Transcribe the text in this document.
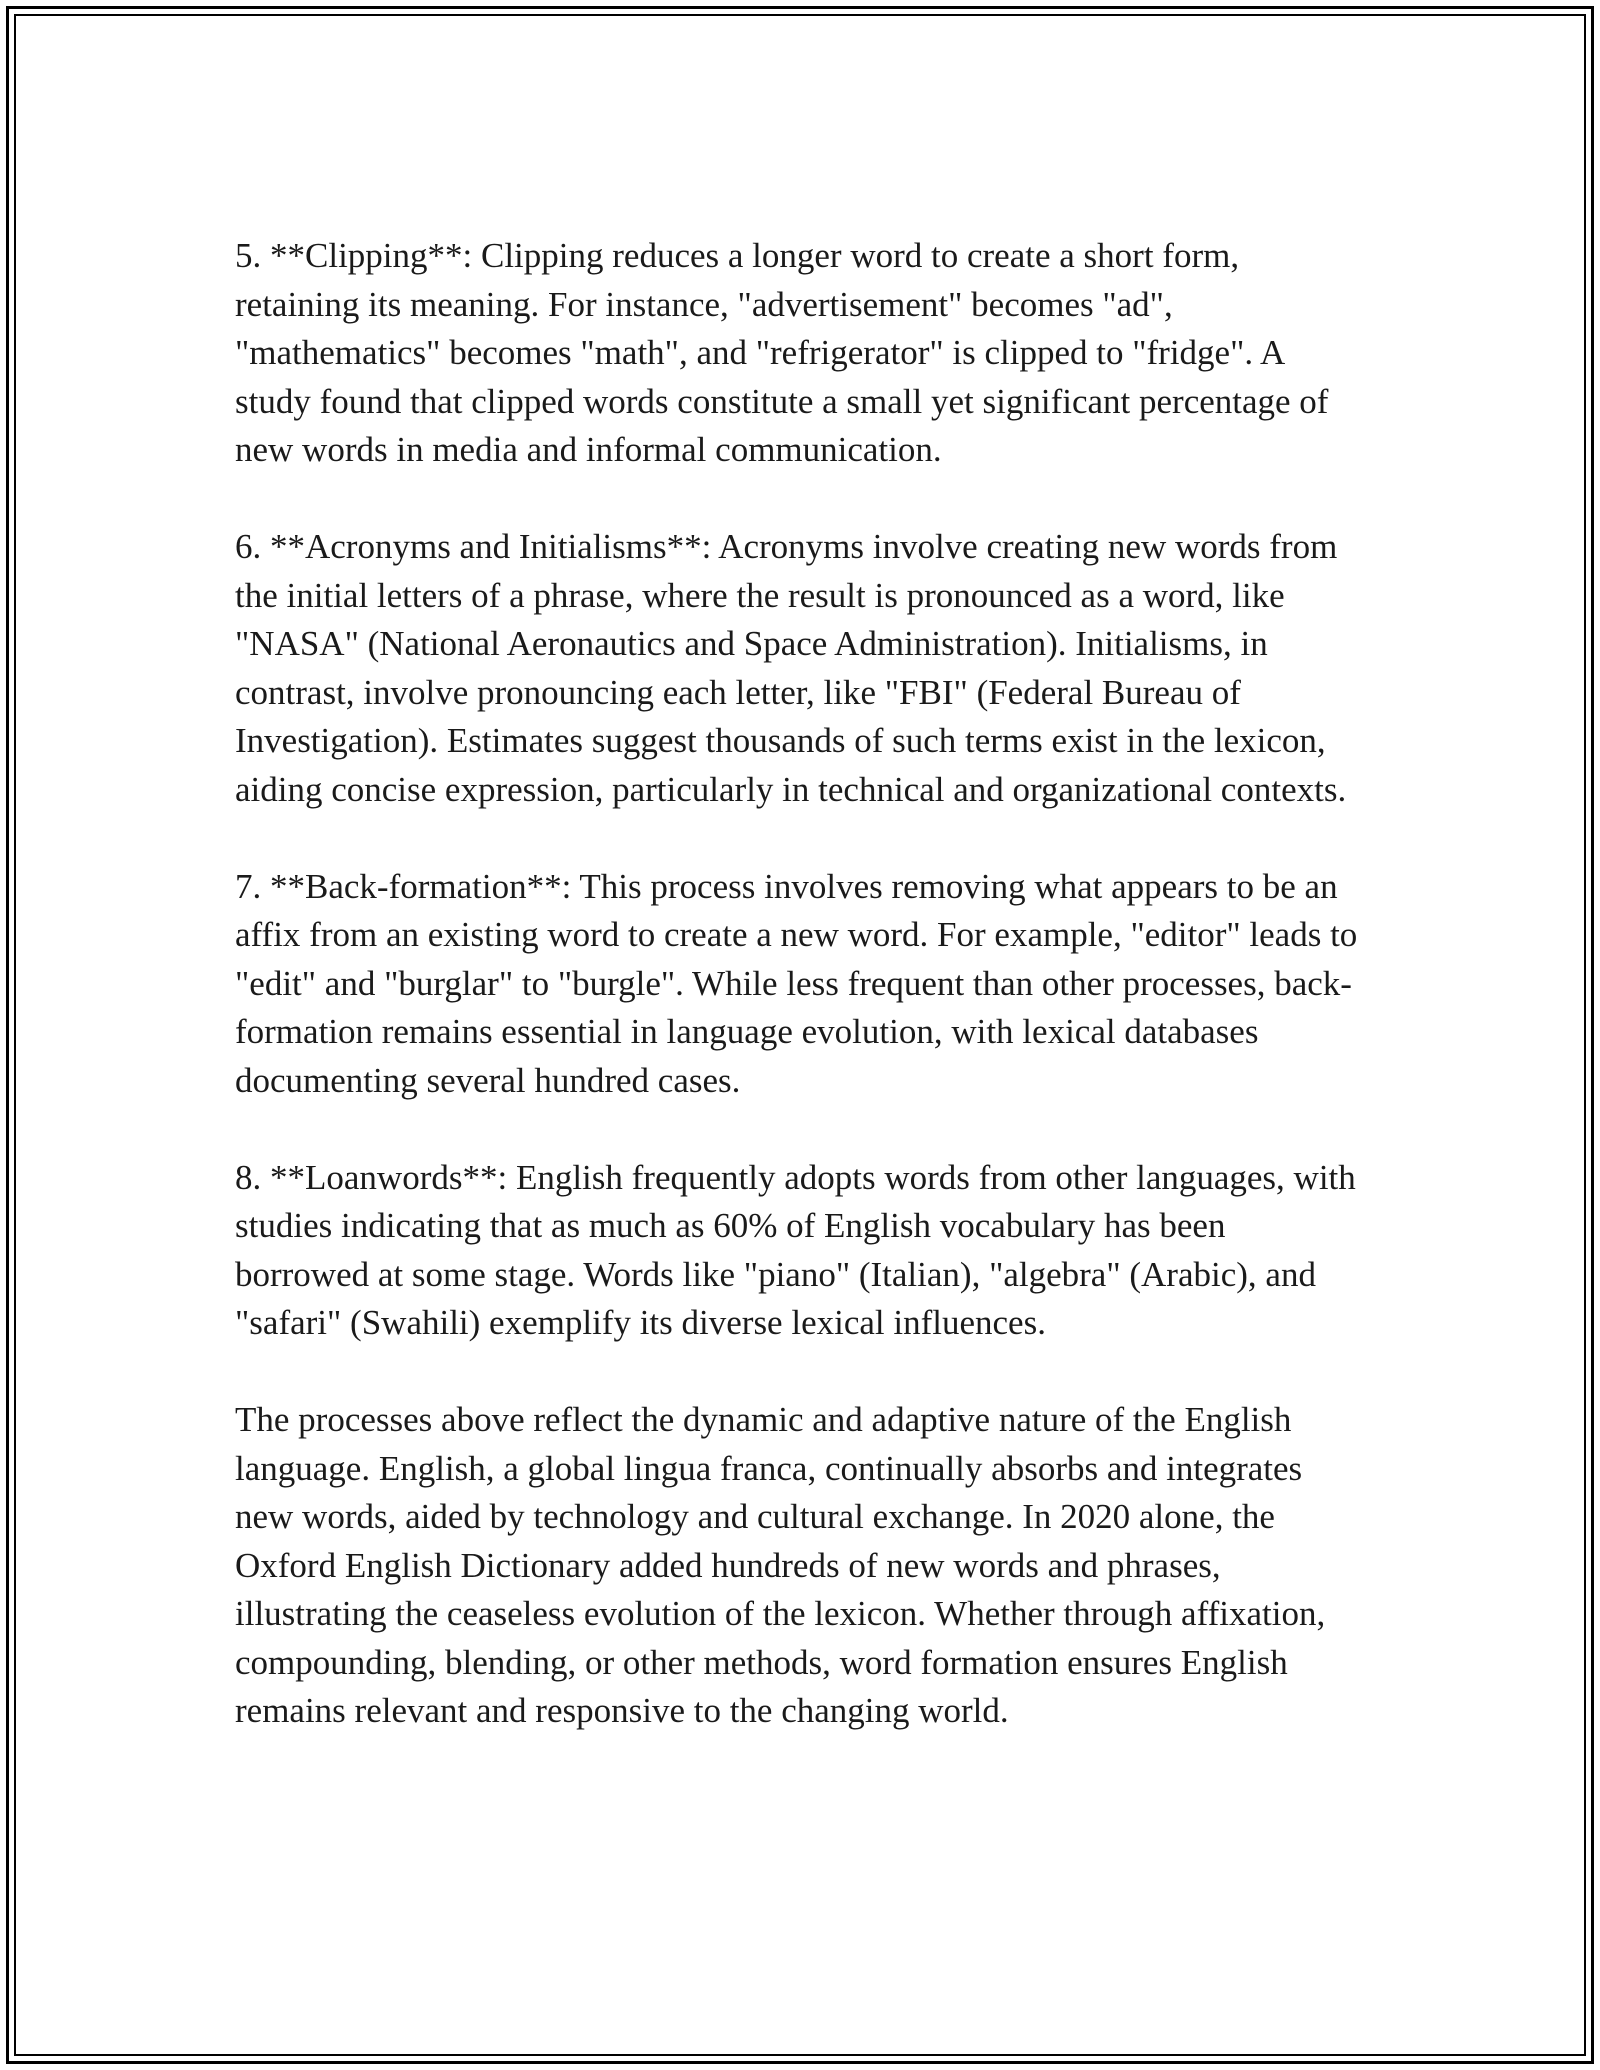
5. **Clipping**: Clipping reduces a longer word to create a short form, retaining its meaning. For instance, "advertisement" becomes "ad", "mathematics" becomes "math", and "refrigerator" is clipped to "fridge". A study found that clipped words constitute a small yet significant percentage of new words in media and informal communication.

6. **Acronyms and Initialisms**: Acronyms involve creating new words from the initial letters of a phrase, where the result is pronounced as a word, like "NASA" (National Aeronautics and Space Administration). Initialisms, in contrast, involve pronouncing each letter, like "FBI" (Federal Bureau of Investigation). Estimates suggest thousands of such terms exist in the lexicon, aiding concise expression, particularly in technical and organizational contexts.

7. **Back-formation**: This process involves removing what appears to be an affix from an existing word to create a new word. For example, "editor" leads to "edit" and "burglar" to "burgle". While less frequent than other processes, back-formation remains essential in language evolution, with lexical databases documenting several hundred cases.

8. **Loanwords**: English frequently adopts words from other languages, with studies indicating that as much as 60% of English vocabulary has been borrowed at some stage. Words like "piano" (Italian), "algebra" (Arabic), and "safari" (Swahili) exemplify its diverse lexical influences.

The processes above reflect the dynamic and adaptive nature of the English language. English, a global lingua franca, continually absorbs and integrates new words, aided by technology and cultural exchange. In 2020 alone, the Oxford English Dictionary added hundreds of new words and phrases, illustrating the ceaseless evolution of the lexicon. Whether through affixation, compounding, blending, or other methods, word formation ensures English remains relevant and responsive to the changing world.
